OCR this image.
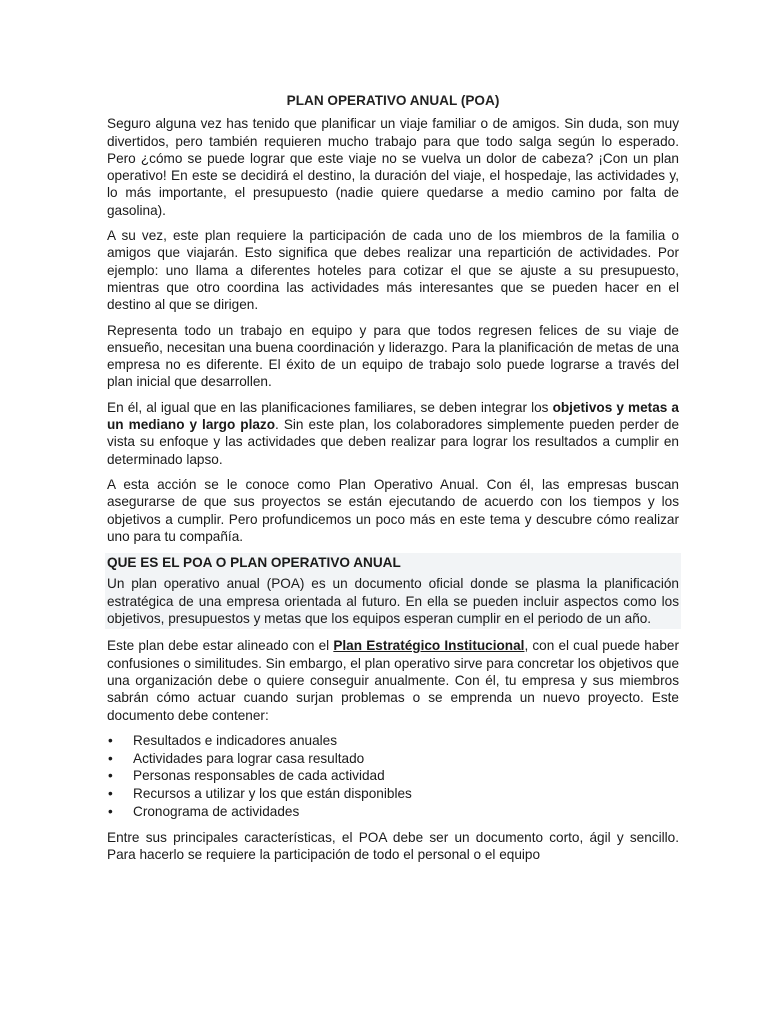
PLAN OPERATIVO ANUAL (POA)

Seguro alguna vez has tenido que planificar un viaje familiar o de amigos. Sin duda, son muy divertidos, pero también requieren mucho trabajo para que todo salga según lo esperado. Pero ¿cómo se puede lograr que este viaje no se vuelva un dolor de cabeza? ¡Con un plan operativo! En este se decidirá el destino, la duración del viaje, el hospedaje, las actividades y, lo más importante, el presupuesto (nadie quiere quedarse a medio camino por falta de gasolina).

A su vez, este plan requiere la participación de cada uno de los miembros de la familia o amigos que viajarán. Esto significa que debes realizar una repartición de actividades. Por ejemplo: uno llama a diferentes hoteles para cotizar el que se ajuste a su presupuesto, mientras que otro coordina las actividades más interesantes que se pueden hacer en el destino al que se dirigen.

Representa todo un trabajo en equipo y para que todos regresen felices de su viaje de ensueño, necesitan una buena coordinación y liderazgo. Para la planificación de metas de una empresa no es diferente. El éxito de un equipo de trabajo solo puede lograrse a través del plan inicial que desarrollen.

En él, al igual que en las planificaciones familiares, se deben integrar los objetivos y metas a un mediano y largo plazo. Sin este plan, los colaboradores simplemente pueden perder de vista su enfoque y las actividades que deben realizar para lograr los resultados a cumplir en determinado lapso.

A esta acción se le conoce como Plan Operativo Anual. Con él, las empresas buscan asegurarse de que sus proyectos se están ejecutando de acuerdo con los tiempos y los objetivos a cumplir. Pero profundicemos un poco más en este tema y descubre cómo realizar uno para tu compañía.

QUE ES EL POA O PLAN OPERATIVO ANUAL
Un plan operativo anual (POA) es un documento oficial donde se plasma la planificación estratégica de una empresa orientada al futuro. En ella se pueden incluir aspectos como los objetivos, presupuestos y metas que los equipos esperan cumplir en el periodo de un año.

Este plan debe estar alineado con el Plan Estratégico Institucional, con el cual puede haber confusiones o similitudes. Sin embargo, el plan operativo sirve para concretar los objetivos que una organización debe o quiere conseguir anualmente. Con él, tu empresa y sus miembros sabrán cómo actuar cuando surjan problemas o se emprenda un nuevo proyecto. Este documento debe contener:

• Resultados e indicadores anuales
• Actividades para lograr casa resultado
• Personas responsables de cada actividad
• Recursos a utilizar y los que están disponibles
• Cronograma de actividades

Entre sus principales características, el POA debe ser un documento corto, ágil y sencillo. Para hacerlo se requiere la participación de todo el personal o el equipo
